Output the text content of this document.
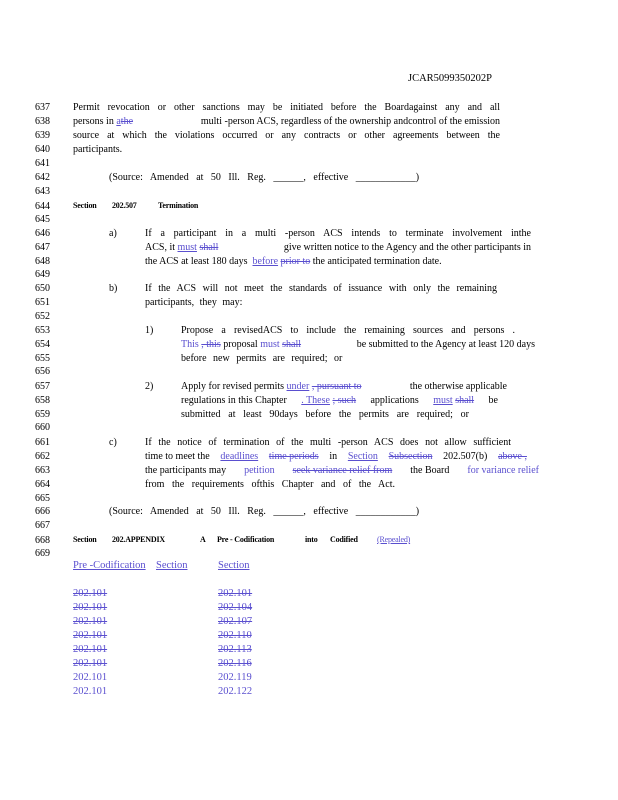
JCAR5099350202P
637
638
639
640
641
642
643
644
645
646
647
648
649
650
651
652
653
654
655
656
657
658
659
660
661
662
663
664
665
666
667
668
669
Permit revocation or other sanctions may be initiated before the Boardagainst any and all
persons in athe	multi -person ACS, regardless of the ownership andcontrol of the emission
source at which the violations occurred or any contracts or other agreements between the
participants.
(Source: Amended at 50 Ill. Reg. ______, effective ____________)
Section 202.507	Termination
a)	If a participant in a multi -person ACS intends to terminate involvement inthe
ACS, it must shall	give written notice to the Agency and the other participants in
the ACS at least 180 days before prior to the anticipated termination date.
b)	If the ACS will not meet the standards of issuance with only the remaining
participants, they may:
1)	Propose a revisedACS to include the remaining sources and persons .
This , this proposal must shall	be submitted to the Agency at least 120 days
before new permits are required; or
2)	Apply for revised permits under , pursuant to	the otherwise applicable
regulations in this Chapter . These ; such applications must shall be
submitted at least 90days before the permits are required; or
c)	If the notice of termination of the multi -person ACS does not allow sufficient
time to meet the deadlines time periods in Section Subsection 202.507(b) above ,
the participants may petition seek variance relief from the Board for variance relief
from the requirements ofthis Chapter and of the Act.
(Source: Amended at 50 Ill. Reg. ______, effective ____________)
Section 202.APPENDIX	A Pre - Codification	into Codified (Repealed)
Pre -Codification Section	Section
202.101	202.101
202.101	202.104
202.101	202.107
202.101	202.110
202.101	202.113
202.101	202.116
202.101	202.119
202.101	202.122
